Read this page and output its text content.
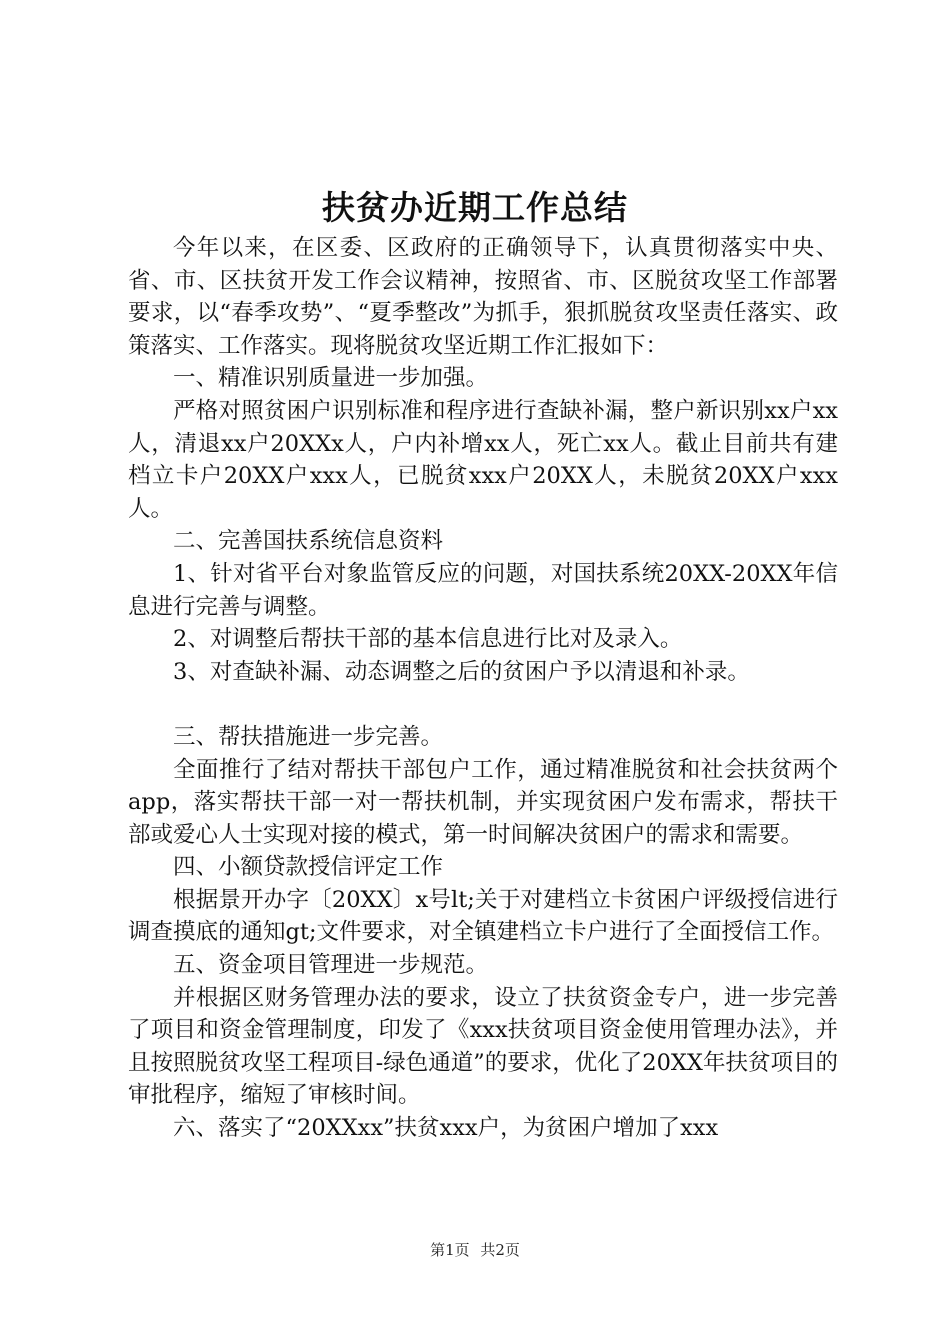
扶贫办近期工作总结

今年以来，在区委、区政府的正确领导下，认真贯彻落实中央、省、市、区扶贫开发工作会议精神，按照省、市、区脱贫攻坚工作部署要求，以“春季攻势”、“夏季整改”为抓手，狠抓脱贫攻坚责任落实、政策落实、工作落实。现将脱贫攻坚近期工作汇报如下：

一、精准识别质量进一步加强。

严格对照贫困户识别标准和程序进行查缺补漏，整户新识别xx户xx人，清退xx户20XXx人，户内补增xx人，死亡xx人。截止目前共有建档立卡户20XX户xxx人，已脱贫xxx户20XX人，未脱贫20XX户xxx人。

二、完善国扶系统信息资料

1、针对省平台对象监管反应的问题，对国扶系统20XX-20XX年信息进行完善与调整。

2、对调整后帮扶干部的基本信息进行比对及录入。

3、对查缺补漏、动态调整之后的贫困户予以清退和补录。

三、帮扶措施进一步完善。

全面推行了结对帮扶干部包户工作，通过精准脱贫和社会扶贫两个app，落实帮扶干部一对一帮扶机制，并实现贫困户发布需求，帮扶干部或爱心人士实现对接的模式，第一时间解决贫困户的需求和需要。

四、小额贷款授信评定工作

根据景开办字〔20XX〕x号lt;关于对建档立卡贫困户评级授信进行调查摸底的通知gt;文件要求，对全镇建档立卡户进行了全面授信工作。

五、资金项目管理进一步规范。

并根据区财务管理办法的要求，设立了扶贫资金专户，进一步完善了项目和资金管理制度，印发了《xxx扶贫项目资金使用管理办法》，并且按照脱贫攻坚工程项目-绿色通道”的要求，优化了20XX年扶贫项目的审批程序，缩短了审核时间。

六、落实了“20XXxx”扶贫xxx户，为贫困户增加了xxx

第1页 共2页
